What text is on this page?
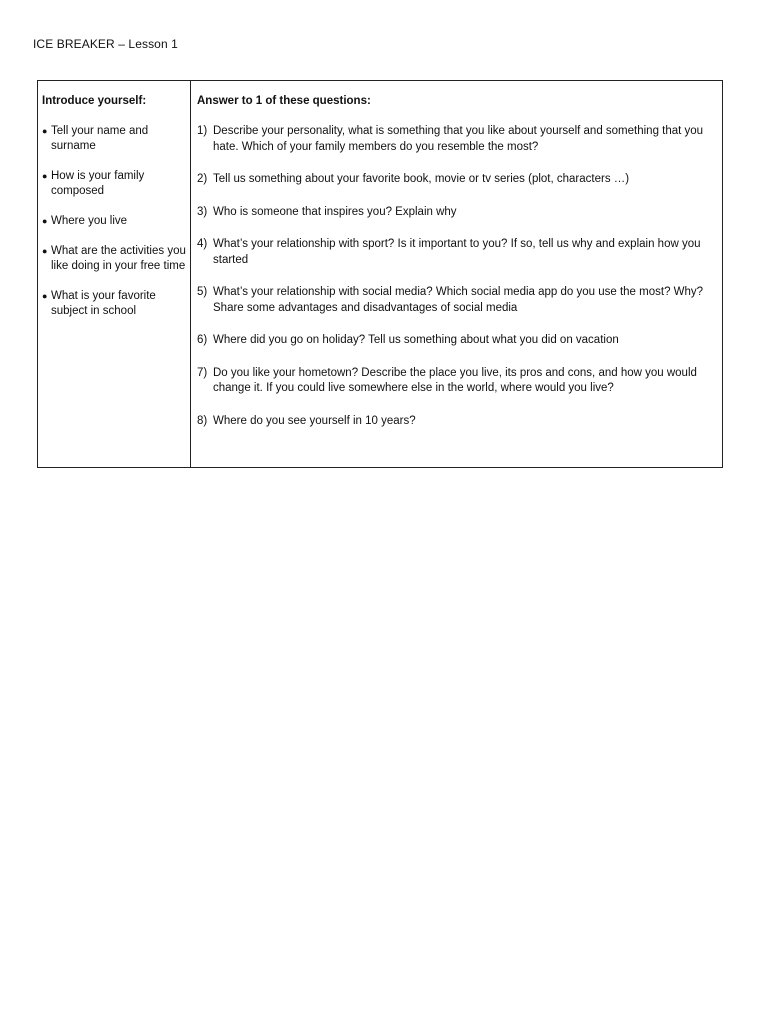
ICE BREAKER – Lesson 1
Introduce yourself:
● Tell your name and surname
● How is your family composed
● Where you live
● What are the activities you like doing in your free time
● What is your favorite subject in school
Answer to 1 of these questions:
1) Describe your personality, what is something that you like about yourself and something that you hate. Which of your family members do you resemble the most?
2) Tell us something about your favorite book, movie or tv series (plot, characters …)
3) Who is someone that inspires you? Explain why
4) What’s your relationship with sport? Is it important to you? If so, tell us why and explain how you started
5) What’s your relationship with social media? Which social media app do you use the most? Why? Share some advantages and disadvantages of social media
6) Where did you go on holiday? Tell us something about what you did on vacation
7) Do you like your hometown? Describe the place you live, its pros and cons, and how you would change it. If you could live somewhere else in the world, where would you live?
8) Where do you see yourself in 10 years?
